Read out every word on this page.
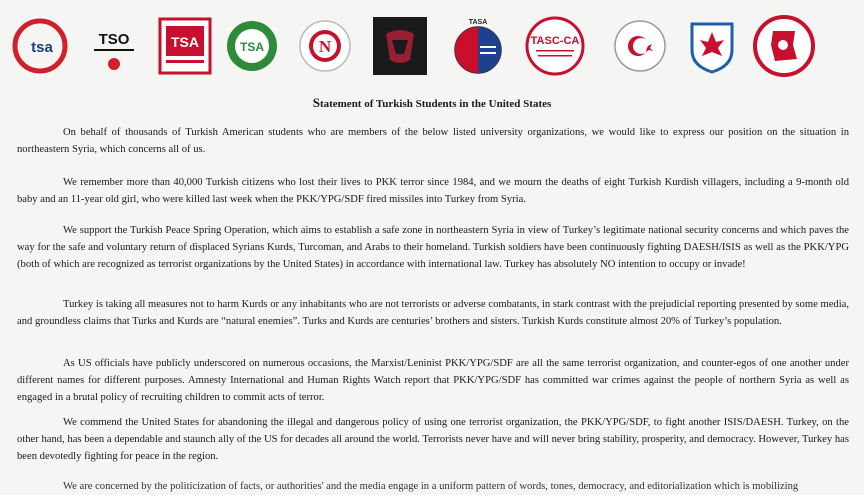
tsa	TSO	TSA	TSA	N
TASA
TASC-CA
Statement of Turkish Students in the United States

On behalf of thousands of Turkish American students who are members of the below listed university organizations, we would like to express our position on the situation in northeastern Syria, which concerns all of us.

We remember more than 40,000 Turkish citizens who lost their lives to PKK terror since 1984, and we mourn the deaths of eight Turkish Kurdish villagers, including a 9-month old baby and an 11-year old girl, who were killed last week when the PKK/YPG/SDF fired missiles into Turkey from Syria.

We support the Turkish Peace Spring Operation, which aims to establish a safe zone in northeastern Syria in view of Turkey’s legitimate national security concerns and which paves the way for the safe and voluntary return of displaced Syrians Kurds, Turcoman, and Arabs to their homeland. Turkish soldiers have been continuously fighting DAESH/ISIS as well as the PKK/YPG (both of which are recognized as terrorist organizations by the United States) in accordance with international law. Turkey has absolutely NO intention to occupy or invade!

Turkey is taking all measures not to harm Kurds or any inhabitants who are not terrorists or adverse combatants, in stark contrast with the prejudicial reporting presented by some media, and groundless claims that Turks and Kurds are “natural enemies”. Turks and Kurds are centuries’ brothers and sisters. Turkish Kurds constitute almost 20% of Turkey’s population.

As US officials have publicly underscored on numerous occasions, the Marxist/Leninist PKK/YPG/SDF are all the same terrorist organization, and counter-egos of one another under different names for different purposes. Amnesty International and Human Rights Watch report that PKK/YPG/SDF has committed war crimes against the people of northern Syria as well as engaged in a brutal policy of recruiting children to commit acts of terror.

We commend the United States for abandoning the illegal and dangerous policy of using one terrorist organization, the PKK/YPG/SDF, to fight another ISIS/DAESH. Turkey, on the other hand, has been a dependable and staunch ally of the US for decades all around the world. Terrorists never have and will never bring stability, prosperity, and democracy. However, Turkey has been devotedly fighting for peace in the region.

We are concerned by the politicization of facts, or authorities' and the media engage in a uniform pattern of words, tones, democracy, and editorialization which is mobilizing
